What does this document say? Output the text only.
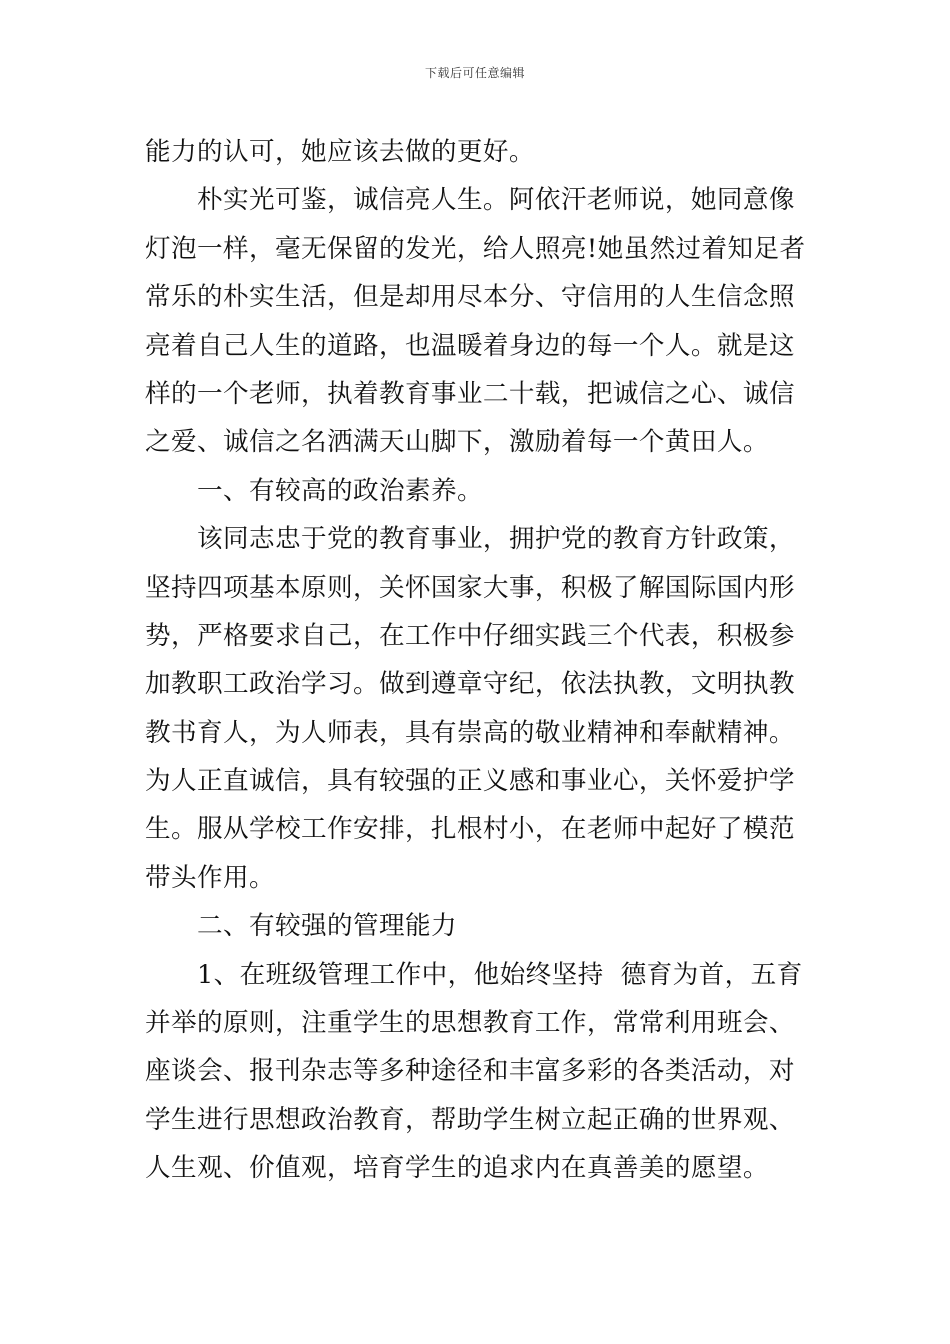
下载后可任意编辑
能力的认可，她应该去做的更好。
朴实光可鉴，诚信亮人生。阿依汗老师说，她同意像
灯泡一样，毫无保留的发光，给人照亮!她虽然过着知足者
常乐的朴实生活，但是却用尽本分、守信用的人生信念照
亮着自己人生的道路，也温暖着身边的每一个人。就是这
样的一个老师，执着教育事业二十载，把诚信之心、诚信
之爱、诚信之名洒满天山脚下，激励着每一个黄田人。
一、有较高的政治素养。
该同志忠于党的教育事业，拥护党的教育方针政策，
坚持四项基本原则，关怀国家大事，积极了解国际国内形
势，严格要求自己，在工作中仔细实践三个代表，积极参
加教职工政治学习。做到遵章守纪，依法执教，文明执教
教书育人，为人师表，具有崇高的敬业精神和奉献精神。
为人正直诚信，具有较强的正义感和事业心，关怀爱护学
生。服从学校工作安排，扎根村小，在老师中起好了模范
带头作用。
二、有较强的管理能力
1、在班级管理工作中，他始终坚持  德育为首，五育
并举的原则，注重学生的思想教育工作，常常利用班会、
座谈会、报刊杂志等多种途径和丰富多彩的各类活动，对
学生进行思想政治教育，帮助学生树立起正确的世界观、
人生观、价值观，培育学生的追求内在真善美的愿望。
